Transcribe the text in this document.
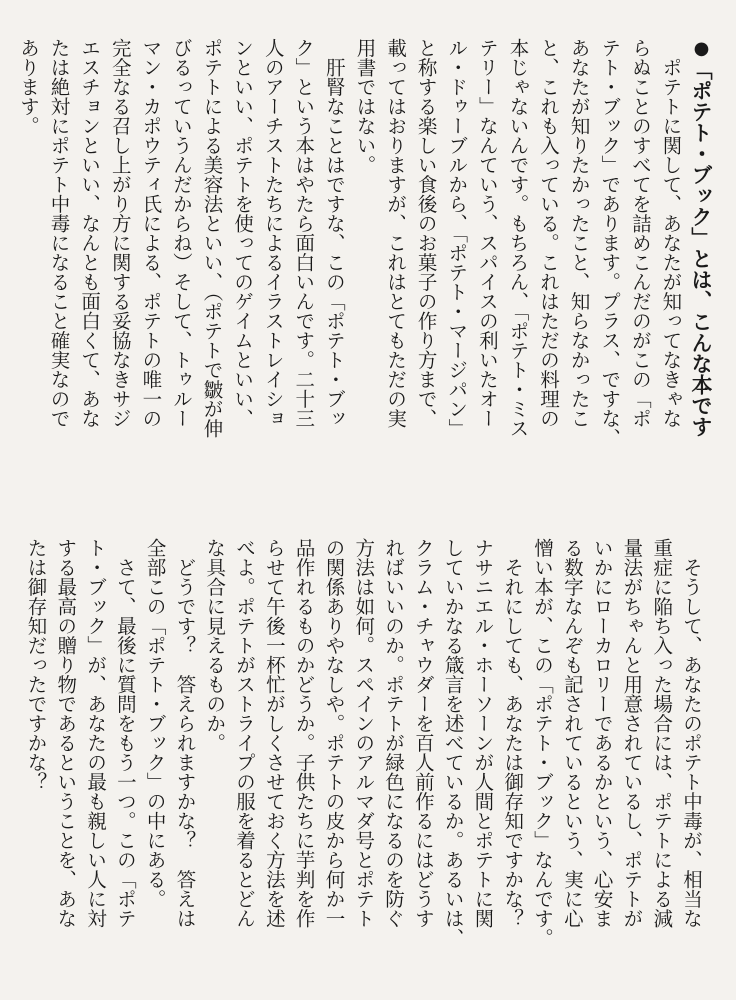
●「ポテト・ブック」とは、こんな本です

　ポテトに関して、あなたが知ってなきゃな

らぬことのすべてを詰めこんだのがこの「ポ

テト・ブック」であります。プラス、ですな、

あなたが知りたかったこと、知らなかったこ

と、これも入っている。これはただの料理の

本じゃないんです。もちろん、「ポテト・ミス

テリー」なんていう、スパイスの利いたオー

ル・ドゥーブルから、「ポテト・マージパン」

と称する楽しい食後のお菓子の作り方まで、

載ってはおりますが、これはとてもただの実

用書ではない。

　肝腎なことはですな、この「ポテト・ブッ

ク」という本はやたら面白いんです。二十三

人のアーチストたちによるイラストレイショ

ンといい、ポテトを使ってのゲイムといい、

ポテトによる美容法といい、（ポテトで皺が伸

びるっていうんだからね）そして、トゥルー

マン・カポウティ氏による、ポテトの唯一の

完全なる召し上がり方に関する妥協なきサジ

エスチョンといい、なんとも面白くて、あな

たは絶対にポテト中毒になること確実なので

あります。

　そうして、あなたのポテト中毒が、相当な

重症に陥ち入った場合には、ポテトによる減

量法がちゃんと用意されているし、ポテトが

いかにローカロリーであるかという、心安ま

る数字なんぞも記されているという、実に心

憎い本が、この「ポテト・ブック」なんです。

　それにしても、あなたは御存知ですかな？

ナサニエル・ホーソーンが人間とポテトに関

していかなる箴言を述べているか。あるいは、

クラム・チャウダーを百人前作るにはどうす

ればいいのか。ポテトが緑色になるのを防ぐ

方法は如何。スペインのアルマダ号とポテト

の関係ありやなしや。ポテトの皮から何か一

品作れるものかどうか。子供たちに芋判を作

らせて午後一杯忙がしくさせておく方法を述

べよ。ポテトがストライプの服を着るとどん

な具合に見えるものか。

　どうです？　答えられますかな？　答えは

全部この「ポテト・ブック」の中にある。

　さて、最後に質問をもう一つ。この「ポテ

ト・ブック」が、あなたの最も親しい人に対

する最高の贈り物であるということを、あな

たは御存知だったですかな？
